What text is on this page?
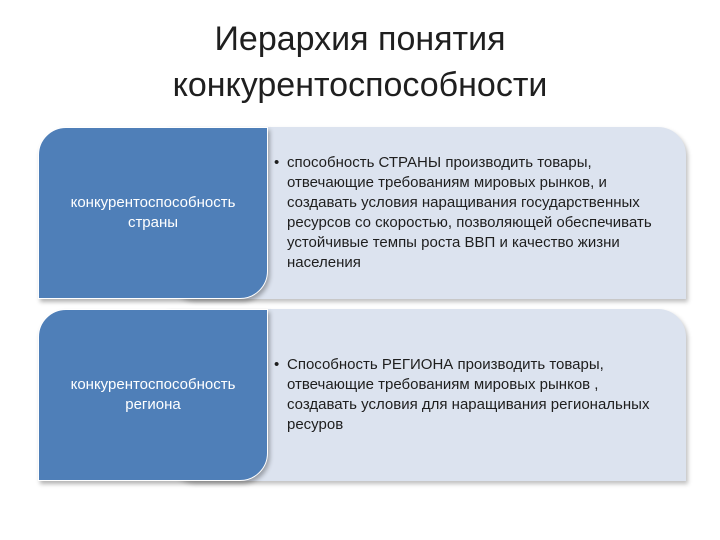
Иерархия понятия
конкурентоспособности
• способность СТРАНЫ производить товары, отвечающие требованиям мировых рынков, и создавать условия наращивания государственных ресурсов со скоростью, позволяющей обеспечивать устойчивые темпы роста ВВП и качество жизни населения
конкурентоспособность
страны
• Способность РЕГИОНА производить товары, отвечающие требованиям мировых рынков , создавать условия для наращивания региональных ресуров
конкурентоспособность
региона
